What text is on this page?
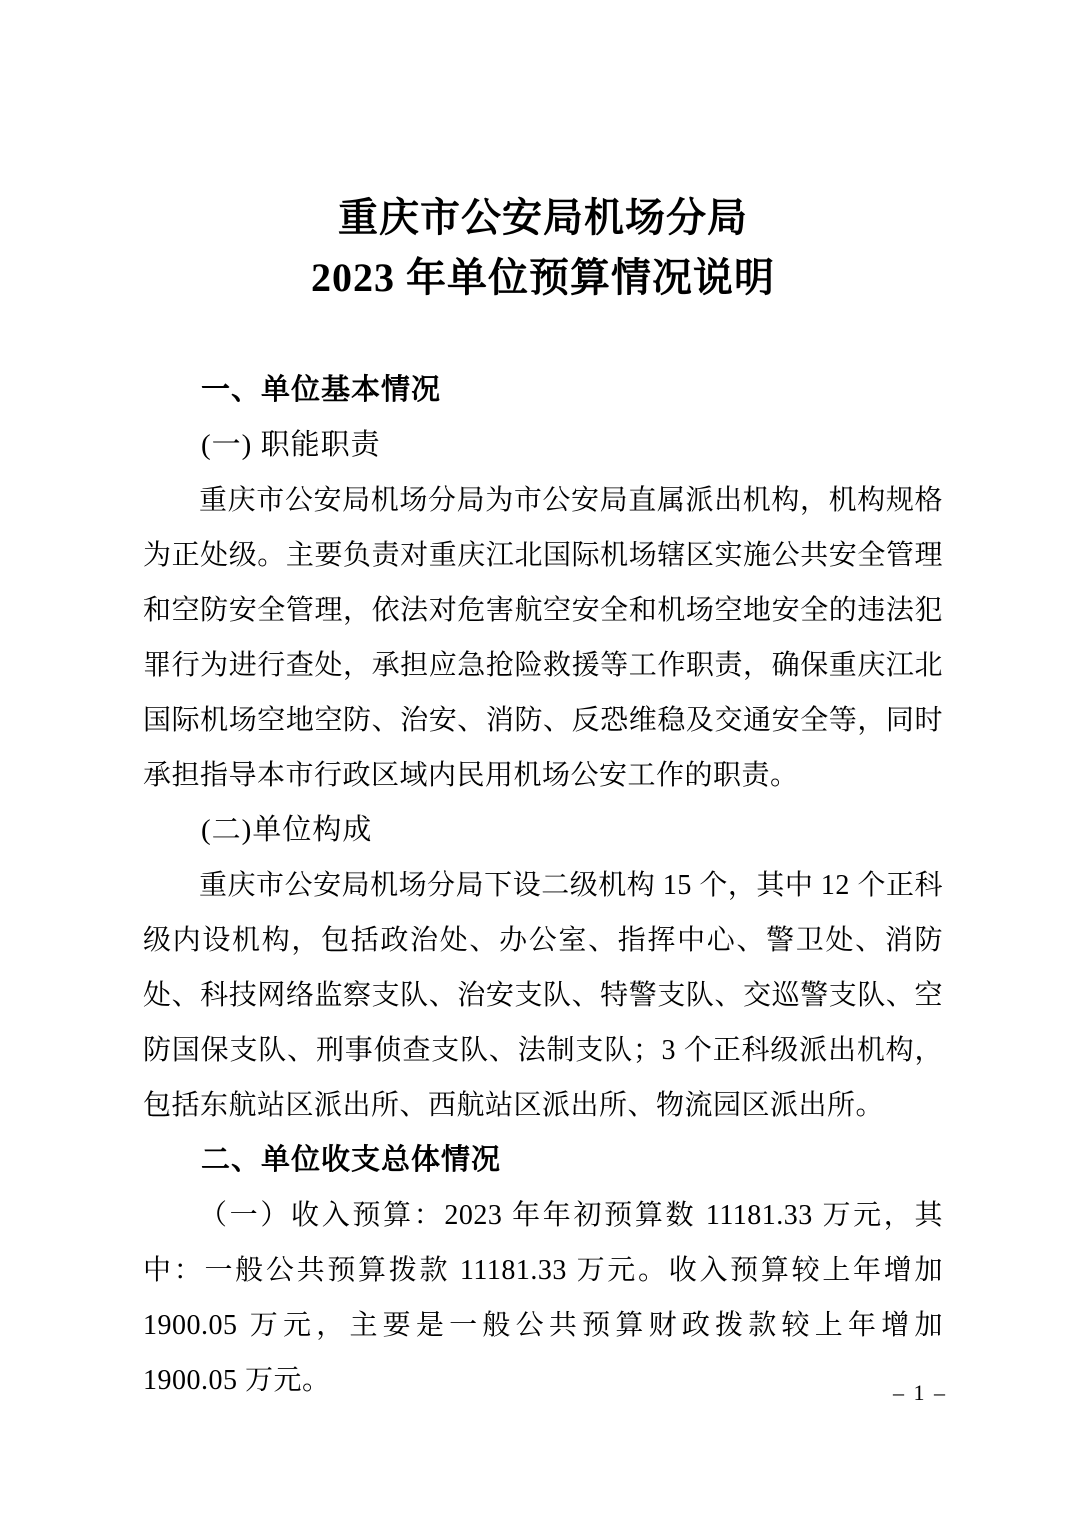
重庆市公安局机场分局
2023 年单位预算情况说明
一、单位基本情况
(一) 职能职责
重庆市公安局机场分局为市公安局直属派出机构，机构规格为正处级。主要负责对重庆江北国际机场辖区实施公共安全管理和空防安全管理，依法对危害航空安全和机场空地安全的违法犯罪行为进行查处，承担应急抢险救援等工作职责，确保重庆江北国际机场空地空防、治安、消防、反恐维稳及交通安全等，同时承担指导本市行政区域内民用机场公安工作的职责。
(二)单位构成
重庆市公安局机场分局下设二级机构 15 个，其中 12 个正科级内设机构，包括政治处、办公室、指挥中心、警卫处、消防处、科技网络监察支队、治安支队、特警支队、交巡警支队、空防国保支队、刑事侦查支队、法制支队；3 个正科级派出机构，包括东航站区派出所、西航站区派出所、物流园区派出所。
二、单位收支总体情况
（一）收入预算：2023 年年初预算数 11181.33 万元，其中：一般公共预算拨款 11181.33 万元。收入预算较上年增加 1900.05 万元，主要是一般公共预算财政拨款较上年增加 1900.05 万元。	– 1 –
